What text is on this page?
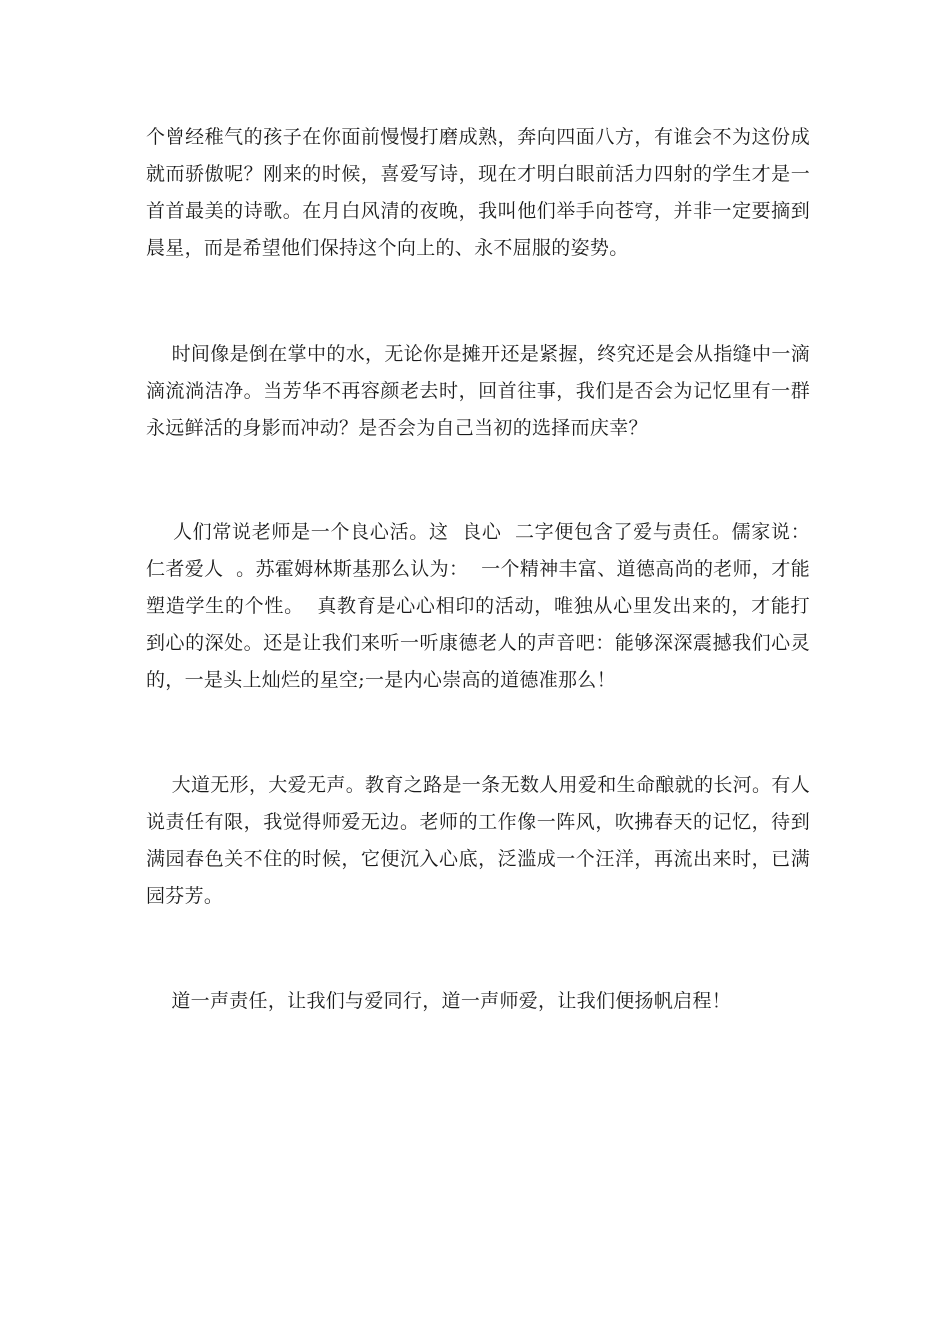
个曾经稚气的孩子在你面前慢慢打磨成熟，奔向四面八方，有谁会不为这份成就而骄傲呢？刚来的时候，喜爱写诗，现在才明白眼前活力四射的学生才是一首首最美的诗歌。在月白风清的夜晚，我叫他们举手向苍穹，并非一定要摘到晨星，而是希望他们保持这个向上的、永不屈服的姿势。

时间像是倒在掌中的水，无论你是摊开还是紧握，终究还是会从指缝中一滴滴流淌洁净。当芳华不再容颜老去时，回首往事，我们是否会为记忆里有一群永远鲜活的身影而冲动？是否会为自己当初的选择而庆幸？

人们常说老师是一个良心活。这  良心  二字便包含了爱与责任。儒家说：仁者爱人  。苏霍姆林斯基那么认为：  一个精神丰富、道德高尚的老师，才能塑造学生的个性。  真教育是心心相印的活动，唯独从心里发出来的，才能打到心的深处。还是让我们来听一听康德老人的声音吧：能够深深震撼我们心灵的，一是头上灿烂的星空;一是内心崇高的道德准那么！

大道无形，大爱无声。教育之路是一条无数人用爱和生命酿就的长河。有人说责任有限，我觉得师爱无边。老师的工作像一阵风，吹拂春天的记忆，待到满园春色关不住的时候，它便沉入心底，泛滥成一个汪洋，再流出来时，已满园芬芳。

道一声责任，让我们与爱同行，道一声师爱，让我们便扬帆启程！
